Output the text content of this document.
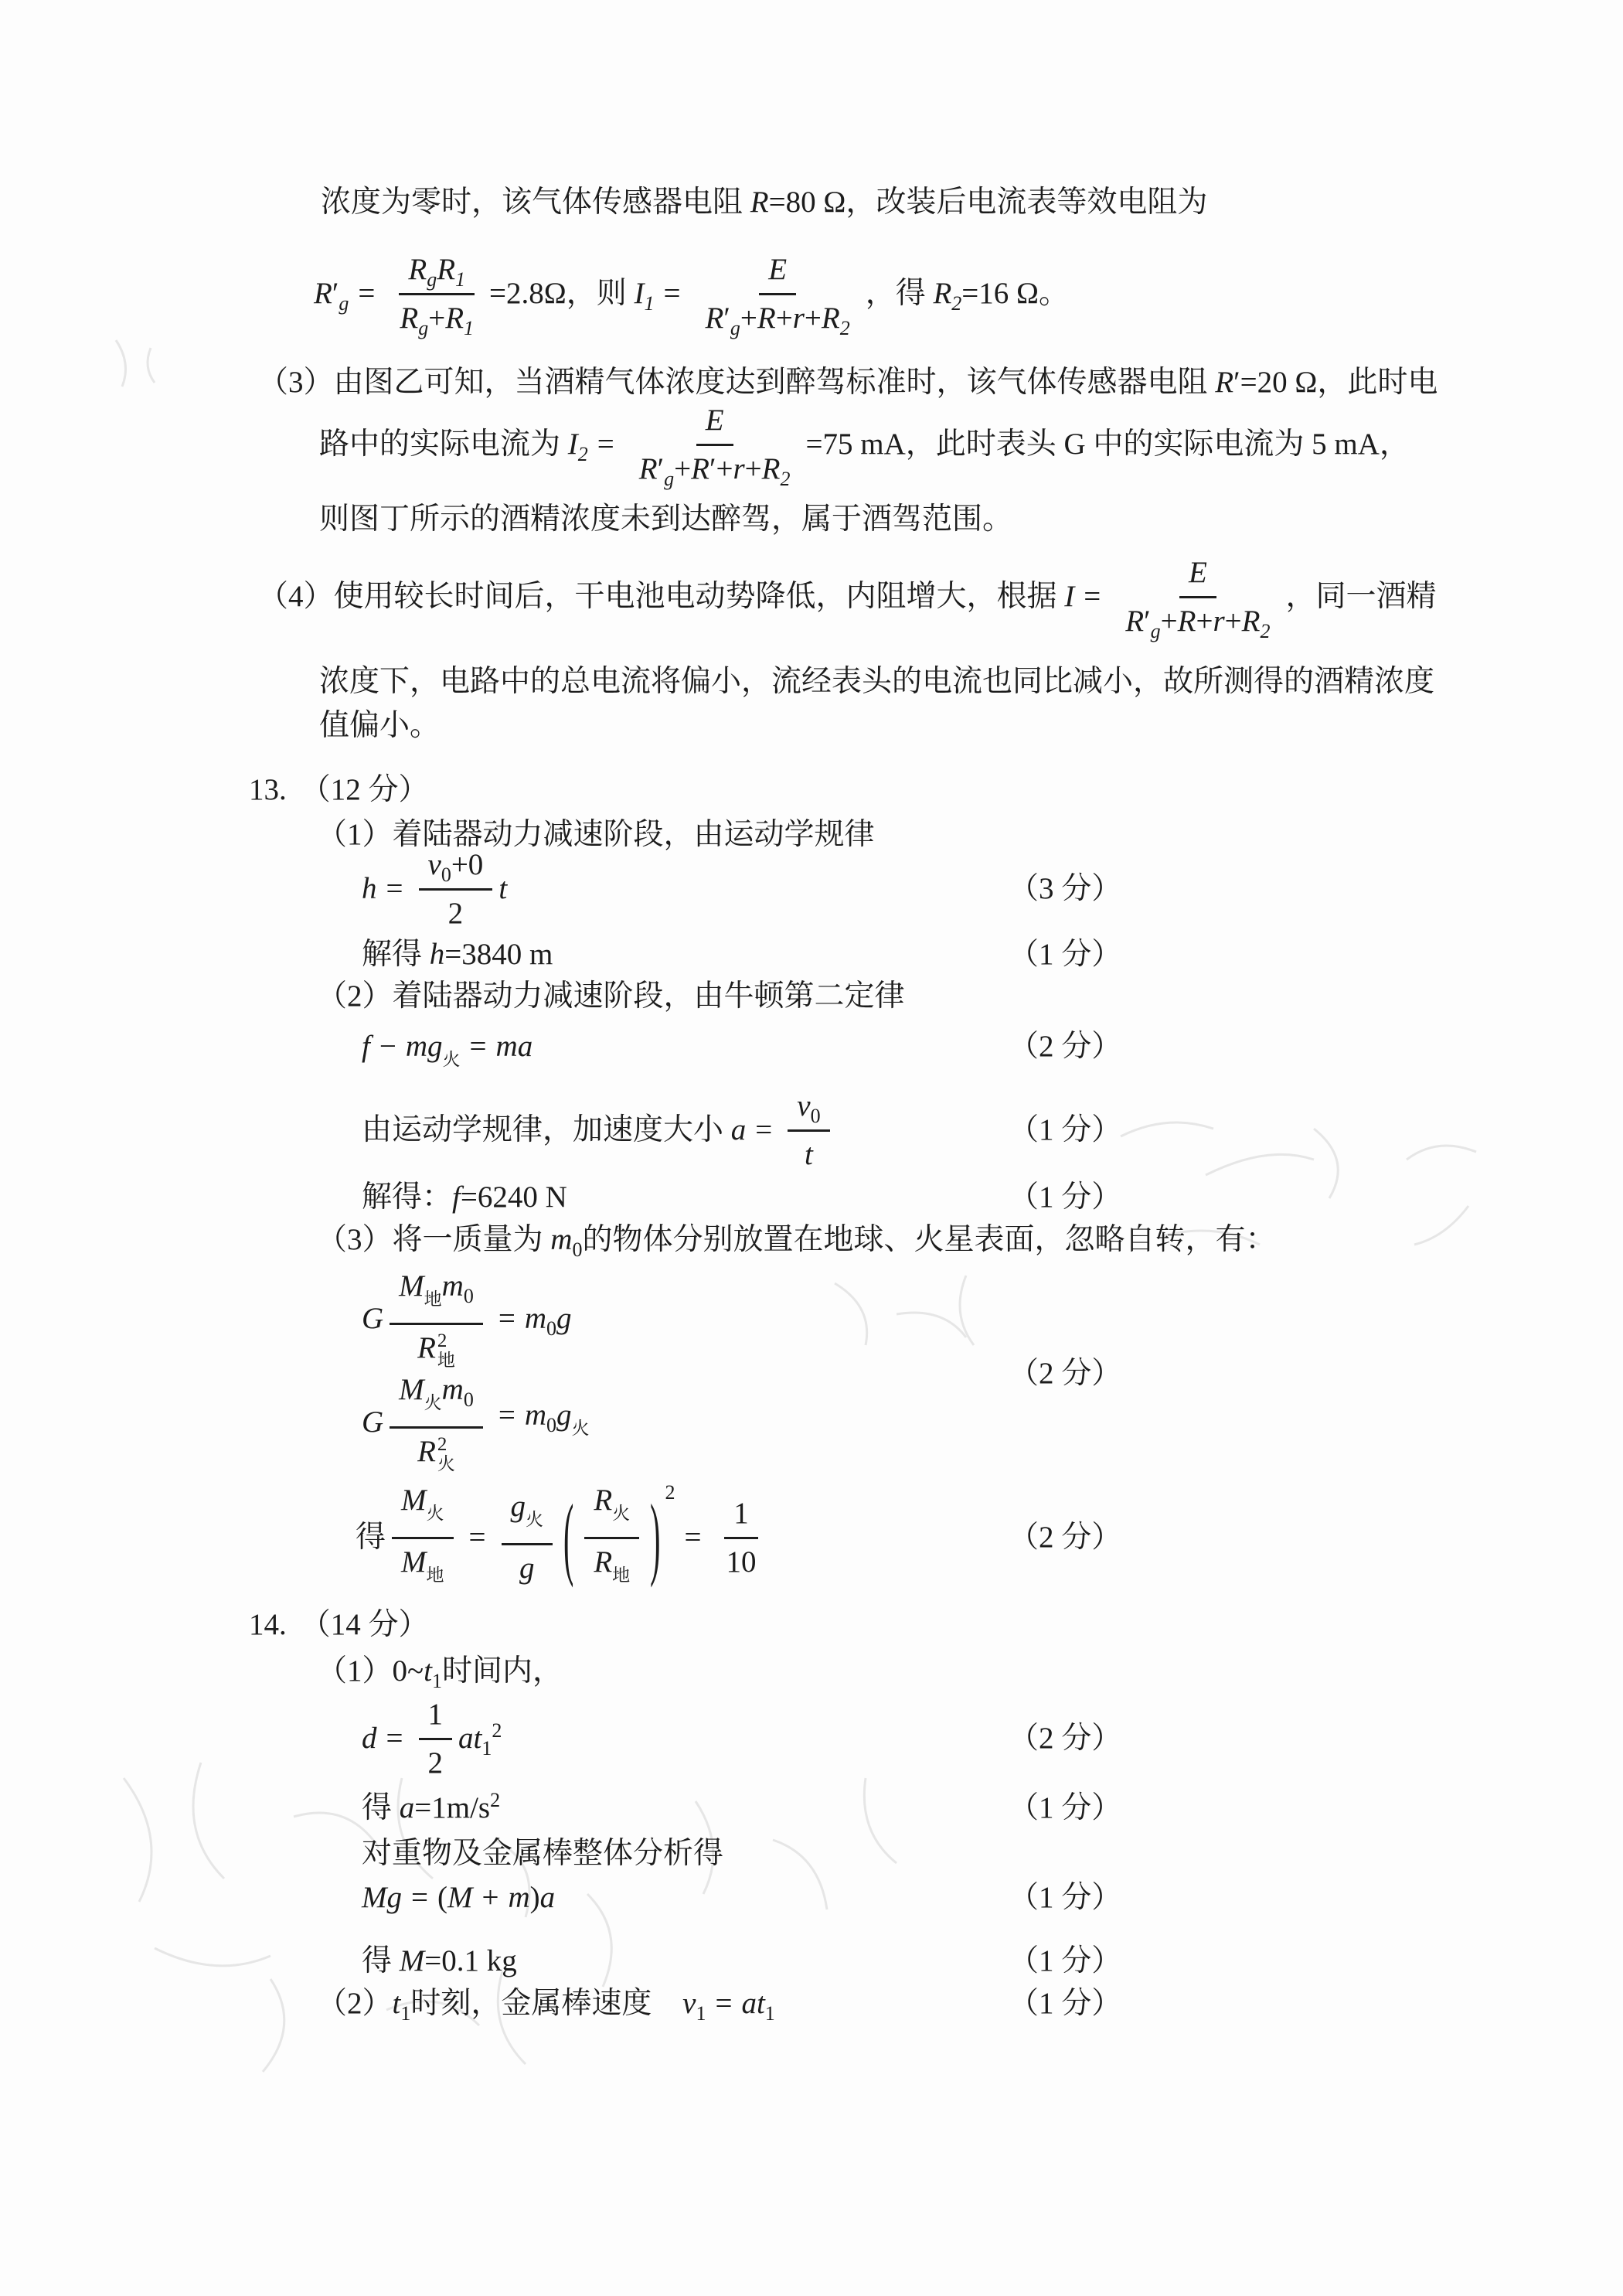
浓度为零时，该气体传感器电阻 R=80 Ω，改装后电流表等效电阻为
$R'_g = \frac{R_gR_1}{R_g+R_1} =2.8\Omega$，则 $I_1 = \frac{E}{R'_g+R+r+R_2}$ ，得 $R_2=16$ Ω。
（3）由图乙可知，当酒精气体浓度达到醉驾标准时，该气体传感器电阻 R′=20 Ω，此时电
路中的实际电流为 $I_2 = \frac{E}{R'_g+R'+r+R_2} =75$ mA，此时表头 G 中的实际电流为 5 mA，
则图丁所示的酒精浓度未到达醉驾，属于酒驾范围。
（4）使用较长时间后，干电池电动势降低，内阻增大，根据 $I = \frac{E}{R'_g+R+r+R_2}$ ，同一酒精
浓度下，电路中的总电流将偏小，流经表头的电流也同比减小，故所测得的酒精浓度
值偏小。
13. （12 分）
（1）着陆器动力减速阶段，由运动学规律
$h = \frac{v_0+0}{2}$ t	（3 分）
解得 h=3840 m	（1 分）
（2）着陆器动力减速阶段，由牛顿第二定律
$f - mg_火$ = ma	（2 分）
由运动学规律，加速度大小 $a = \frac{v_0}{t}$	（1 分）
解得：f=6240 N	（1 分）
（3）将一质量为 $m_0$的物体分别放置在地球、火星表面，忽略自转，有：
G $M_地m_0$
R 2
地 = $m_0g$
（2 分）
G $M_火m_0$
R 2
火 = $m_0g_火$
得 $\frac{M_火}{M_地} = \frac{g_火}{g}$ ( $\frac{R_火}{R_地}$ ) 2
= $\frac{1}{10}$	（2 分）
14. （14 分）
$(1)0\sim t_1$时间内，
$d = \frac{1}{2} at_1^2$	（2 分）
得 $a=1m/s^2$	（1 分）
对重物及金属棒整体分析得
Mg = (M + m)a	（1 分）
得 M=0.1 kg	（1 分）
$(2)t_1$时刻，金属棒速度 $v_1 = at_1$	（1 分）
